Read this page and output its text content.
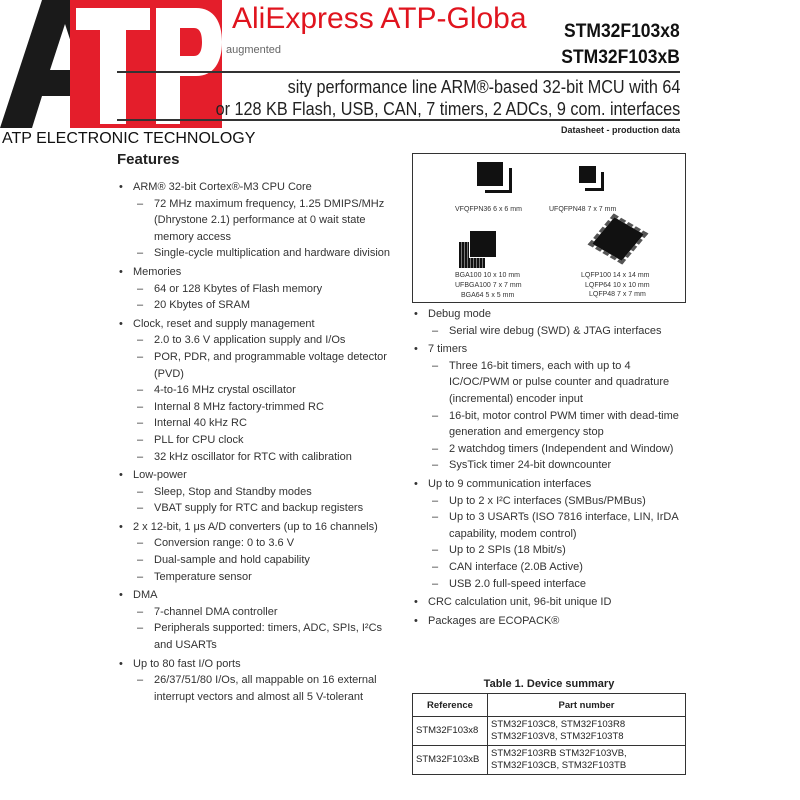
ATP ELECTRONIC TECHNOLOGY
AliExpress ATP-Globa
augmented
STM32F103x8
STM32F103xB
sity performance line ARM®-based 32-bit MCU with 64
or 128 KB Flash, USB, CAN, 7 timers, 2 ADCs, 9 com. interfaces
Datasheet - production data
Features
• ARM® 32-bit Cortex®-M3 CPU Core
– 72 MHz maximum frequency, 1.25 DMIPS/MHz (Dhrystone 2.1) performance at 0 wait state memory access
– Single-cycle multiplication and hardware division
• Memories
– 64 or 128 Kbytes of Flash memory
– 20 Kbytes of SRAM
• Clock, reset and supply management
– 2.0 to 3.6 V application supply and I/Os
– POR, PDR, and programmable voltage detector (PVD)
– 4-to-16 MHz crystal oscillator
– Internal 8 MHz factory-trimmed RC
– Internal 40 kHz RC
– PLL for CPU clock
– 32 kHz oscillator for RTC with calibration
• Low-power
– Sleep, Stop and Standby modes
– VBAT supply for RTC and backup registers
• 2 x 12-bit, 1 μs A/D converters (up to 16 channels)
– Conversion range: 0 to 3.6 V
– Dual-sample and hold capability
– Temperature sensor
• DMA
– 7-channel DMA controller
– Peripherals supported: timers, ADC, SPIs, I²Cs and USARTs
• Up to 80 fast I/O ports
– 26/37/51/80 I/Os, all mappable on 16 external interrupt vectors and almost all 5 V-tolerant
VFQFPN36 6 x 6 mm	UFQFPN48 7 x 7 mm
BGA100 10 x 10 mm
UFBGA100 7 x 7 mm
BGA64 5 x 5 mm
LQFP100 14 x 14 mm
LQFP64 10 x 10 mm
LQFP48 7 x 7 mm
• Debug mode
– Serial wire debug (SWD) & JTAG interfaces
• 7 timers
– Three 16-bit timers, each with up to 4 IC/OC/PWM or pulse counter and quadrature (incremental) encoder input
– 16-bit, motor control PWM timer with dead-time generation and emergency stop
– 2 watchdog timers (Independent and Window)
– SysTick timer 24-bit downcounter
• Up to 9 communication interfaces
– Up to 2 x I²C interfaces (SMBus/PMBus)
– Up to 3 USARTs (ISO 7816 interface, LIN, IrDA capability, modem control)
– Up to 2 SPIs (18 Mbit/s)
– CAN interface (2.0B Active)
– USB 2.0 full-speed interface
• CRC calculation unit, 96-bit unique ID
• Packages are ECOPACK®
Table 1. Device summary
Reference	Part number
STM32F103x8	STM32F103C8, STM32F103R8
STM32F103V8, STM32F103T8

STM32F103xB	STM32F103RB STM32F103VB,
STM32F103CB, STM32F103TB
